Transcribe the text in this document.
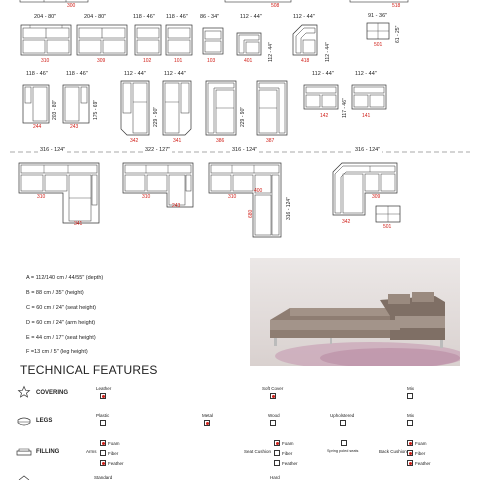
300	508	518
204 - 80"	204 - 80"	118 - 46" 118 - 46" 86 - 34"	112 - 44"	112 - 44"	91 - 36"
310	309	102	101	103	112 - 44"
401	112 - 44"
418
61 - 25"
501
118 - 46"	118 - 46"	112 - 44"	112 - 44"	112 - 44"	112 - 44"
203 - 80"
244
175 - 69"
243	229 - 90"
342	341
229 - 90"
386	387
117 - 46"
142	141
316 - 124"	322 - 127"	316 - 124"	316 - 124"
310
341
310
243
310
400
680	316 - 124"
309
342
501
A = 112/140 cm / 44/55" (depth)
B = 88 cm / 35" (height)
C = 60 cm / 24" (seat height)
D = 60 cm / 24" (arm height)
E = 44 cm / 17" (seat height)
F =13 cm / 5" (leg height)
TECHNICAL FEATURES
COVERING
Leather	Soft Cover	Mix
LEGS
Plastic	Metal	Wood	Upholstered	Mix
FILLING	Arms
Foam
Fiber
Feather
Seat Cushion
Foam
Fiber
Feather
Spring poled seats	Back Cushion
Foam
Fiber
Feather
Standard	Hard
